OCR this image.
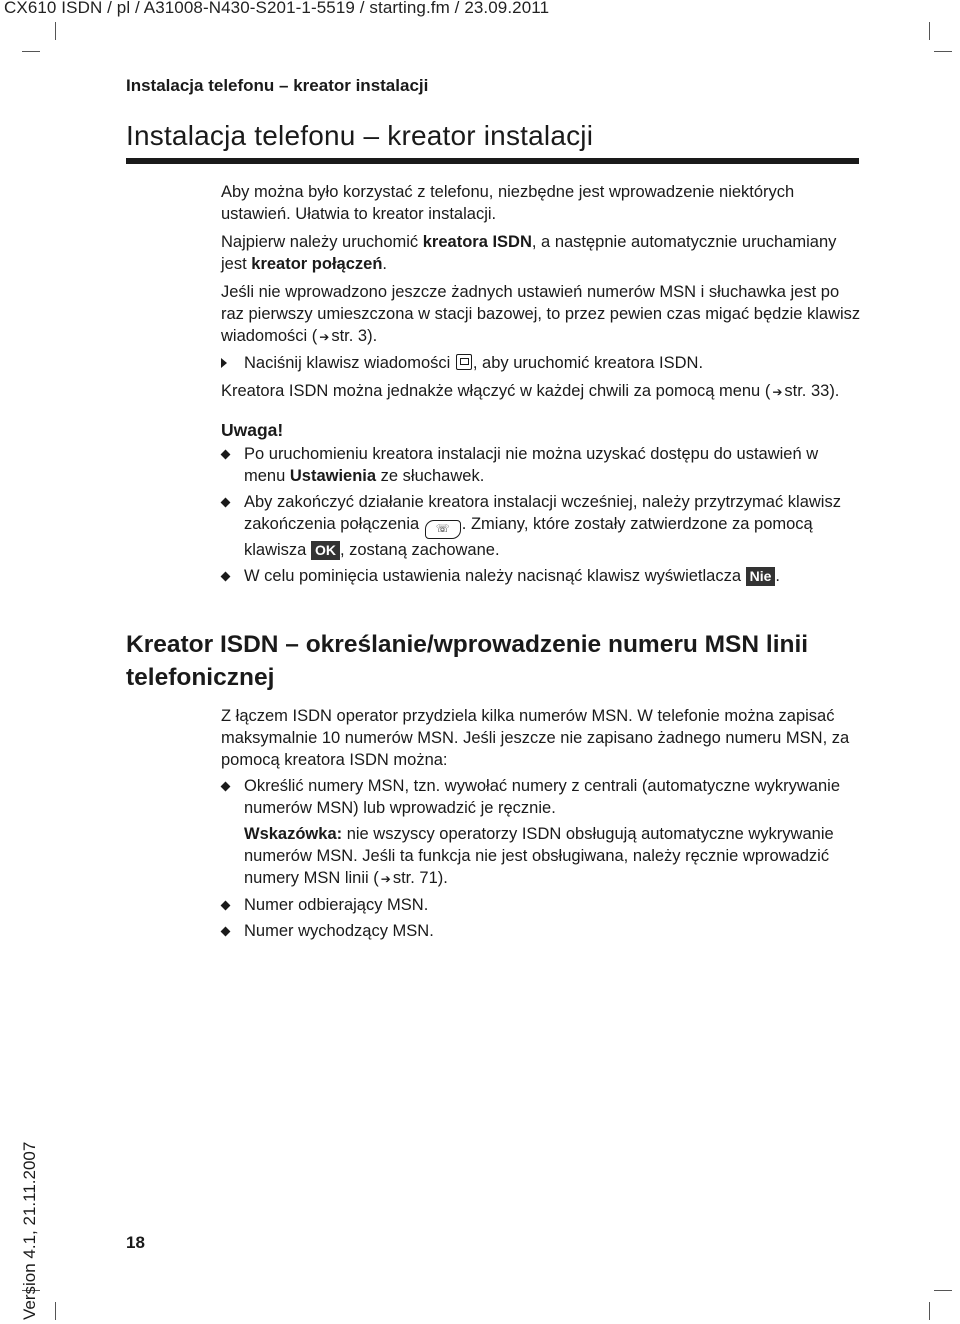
CX610 ISDN / pl / A31008-N430-S201-1-5519 / starting.fm / 23.09.2011
Instalacja telefonu – kreator instalacji
Instalacja telefonu – kreator instalacji

Aby można było korzystać z telefonu, niezbędne jest wprowadzenie niektórych ustawień. Ułatwia to kreator instalacji.

Najpierw należy uruchomić kreatora ISDN, a następnie automatycznie uruchamiany jest kreator połączeń.

Jeśli nie wprowadzono jeszcze żadnych ustawień numerów MSN i słuchawka jest po raz pierwszy umieszczona w stacji bazowej, to przez pewien czas migać będzie klawisz wiadomości ( ➔ str. 3).

Naciśnij klawisz wiadomości , aby uruchomić kreatora ISDN.

Kreatora ISDN można jednakże włączyć w każdej chwili za pomocą menu ( ➔ str. 33).

Uwaga!

Po uruchomieniu kreatora instalacji nie można uzyskać dostępu do ustawień w menu Ustawienia ze słuchawek.
Aby zakończyć działanie kreatora instalacji wcześniej, należy przytrzymać klawisz zakończenia połączenia ☏ . Zmiany, które zostały zatwierdzone za pomocą klawisza OK , zostaną zachowane.
W celu pominięcia ustawienia należy nacisnąć klawisz wyświetlacza Nie .
Kreator ISDN – określanie/wprowadzenie numeru MSN linii telefonicznej

Z łączem ISDN operator przydziela kilka numerów MSN. W telefonie można zapisać maksymalnie 10 numerów MSN. Jeśli jeszcze nie zapisano żadnego numeru MSN, za pomocą kreatora ISDN można:

Określić numery MSN, tzn. wywołać numery z centrali (automatyczne wykrywanie numerów MSN) lub wprowadzić je ręcznie.
Wskazówka: nie wszyscy operatorzy ISDN obsługują automatyczne wykrywanie numerów MSN. Jeśli ta funkcja nie jest obsługiwana, należy ręcznie wprowadzić numery MSN linii ( ➔ str. 71).
Numer odbierający MSN.
Numer wychodzący MSN.
Version 4.1, 21.11.2007	18
